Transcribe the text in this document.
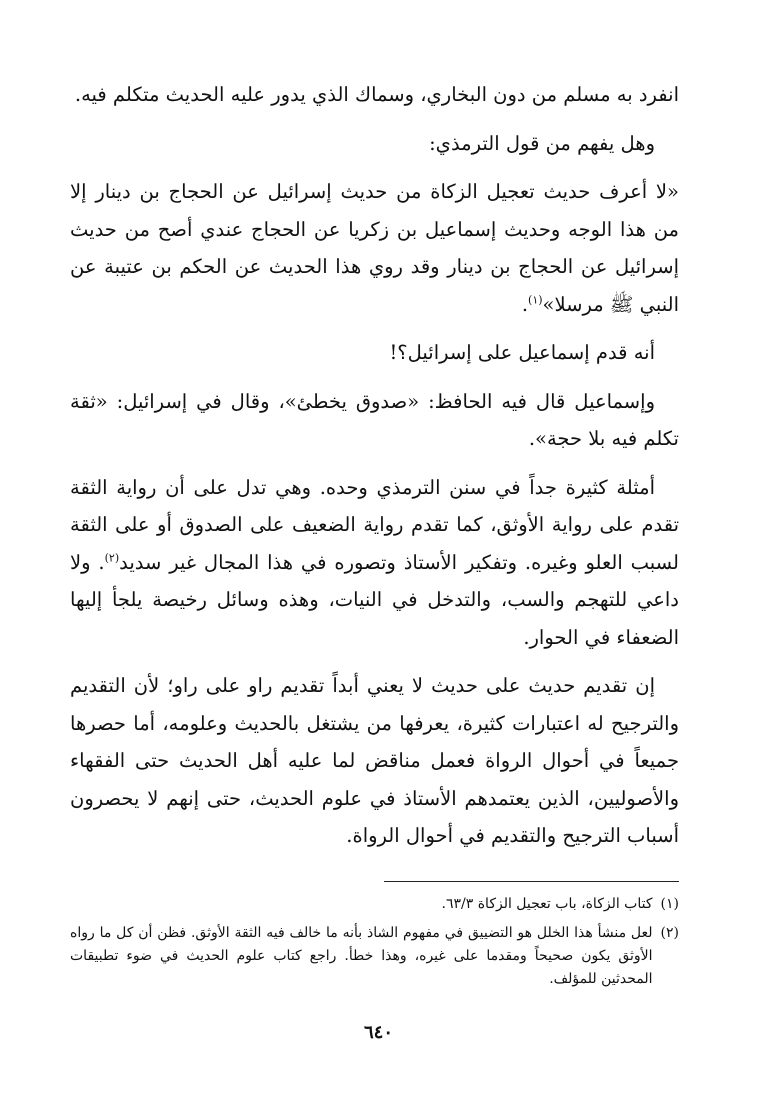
انفرد به مسلم من دون البخاري، وسماك الذي يدور عليه الحديث متكلم فيه.

وهل يفهم من قول الترمذي:

«لا أعرف حديث تعجيل الزكاة من حديث إسرائيل عن الحجاج بن دينار إلا من هذا الوجه وحديث إسماعيل بن زكريا عن الحجاج عندي أصح من حديث إسرائيل عن الحجاج بن دينار وقد روي هذا الحديث عن الحكم بن عتيبة عن النبي ﷺ مرسلا»$^{(١)}$.

أنه قدم إسماعيل على إسرائيل؟!

وإسماعيل قال فيه الحافظ: «صدوق يخطئ»، وقال في إسرائيل: «ثقة تكلم فيه بلا حجة».

أمثلة كثيرة جداً في سنن الترمذي وحده. وهي تدل على أن رواية الثقة تقدم على رواية الأوثق، كما تقدم رواية الضعيف على الصدوق أو على الثقة لسبب العلو وغيره. وتفكير الأستاذ وتصوره في هذا المجال غير سديد$^{(٢)}$. ولا داعي للتهجم والسب، والتدخل في النيات، وهذه وسائل رخيصة يلجأ إليها الضعفاء في الحوار.

إن تقديم حديث على حديث لا يعني أبداً تقديم راو على راو؛ لأن التقديم والترجيح له اعتبارات كثيرة، يعرفها من يشتغل بالحديث وعلومه، أما حصرها جميعاً في أحوال الرواة فعمل مناقض لما عليه أهل الحديث حتى الفقهاء والأصوليين، الذين يعتمدهم الأستاذ في علوم الحديث، حتى إنهم لا يحصرون أسباب الترجيح والتقديم في أحوال الرواة.

(١)
كتاب الزكاة، باب تعجيل الزكاة ٦٣/٣.
(٢)
لعل منشأ هذا الخلل هو التضييق في مفهوم الشاذ بأنه ما خالف فيه الثقة الأوثق. فظن أن كل ما رواه الأوثق يكون صحيحاً ومقدما على غيره، وهذا خطأ. راجع كتاب علوم الحديث في ضوء تطبيقات المحدثين للمؤلف.
٦٤٠
